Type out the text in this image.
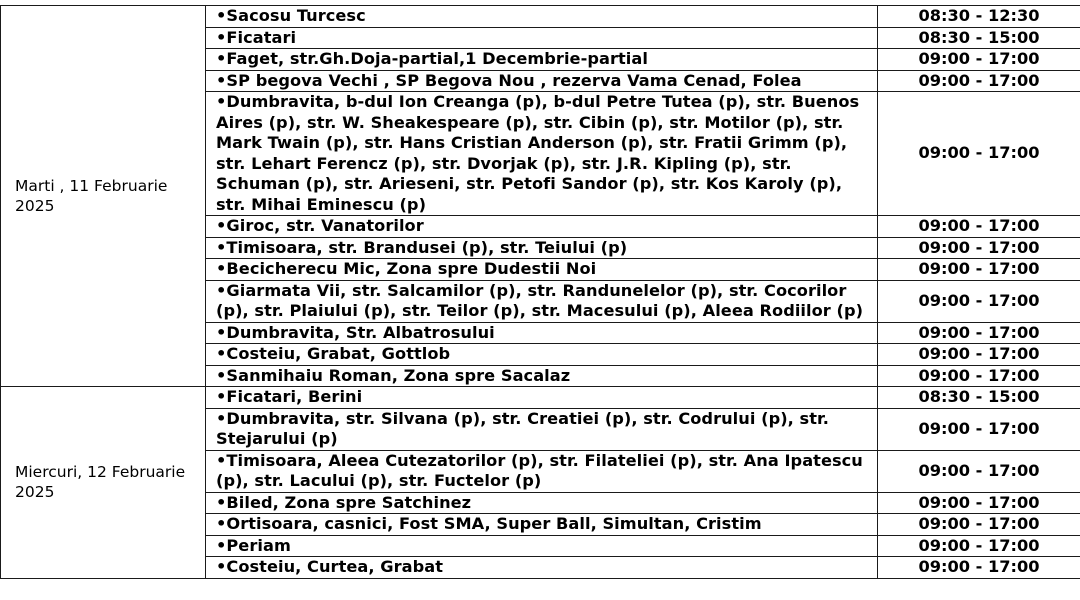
Marti , 11 Februarie 2025	•Sacosu Turcesc	08:30 - 12:30
	•Ficatari	08:30 - 15:00
	•Faget, str.Gh.Doja-partial,1 Decembrie-partial	09:00 - 17:00
	•SP begova Vechi , SP Begova Nou , rezerva Vama Cenad, Folea	09:00 - 17:00
	•Dumbravita, b-dul Ion Creanga (p), b-dul Petre Tutea (p), str. Buenos Aires (p), str. W. Sheakespeare (p), str. Cibin (p), str. Motilor (p), str. Mark Twain (p), str. Hans Cristian Anderson (p), str. Fratii Grimm (p), str. Lehart Ferencz (p), str. Dvorjak (p), str. J.R. Kipling (p), str. Schuman (p), str. Arieseni, str. Petofi Sandor (p), str. Kos Karoly (p), str. Mihai Eminescu (p)	09:00 - 17:00
	•Giroc, str. Vanatorilor	09:00 - 17:00
	•Timisoara, str. Brandusei (p), str. Teiului (p)	09:00 - 17:00
	•Becicherecu Mic, Zona spre Dudestii Noi	09:00 - 17:00
	•Giarmata Vii, str. Salcamilor (p), str. Randunelelor (p), str. Cocorilor (p), str. Plaiului (p), str. Teilor (p), str. Macesului (p), Aleea Rodiilor (p)	09:00 - 17:00
	•Dumbravita, Str. Albatrosului	09:00 - 17:00
	•Costeiu, Grabat, Gottlob	09:00 - 17:00
	•Sanmihaiu Roman, Zona spre Sacalaz	09:00 - 17:00
Miercuri, 12 Februarie 2025	•Ficatari, Berini	08:30 - 15:00
	•Dumbravita, str. Silvana (p), str. Creatiei (p), str. Codrului (p), str. Stejarului (p)	09:00 - 17:00
	•Timisoara, Aleea Cutezatorilor (p), str. Filateliei (p), str. Ana Ipatescu (p), str. Lacului (p), str. Fuctelor (p)	09:00 - 17:00
	•Biled, Zona spre Satchinez	09:00 - 17:00
	•Ortisoara, casnici, Fost SMA, Super Ball, Simultan, Cristim	09:00 - 17:00
	•Periam	09:00 - 17:00
	•Costeiu, Curtea, Grabat	09:00 - 17:00
